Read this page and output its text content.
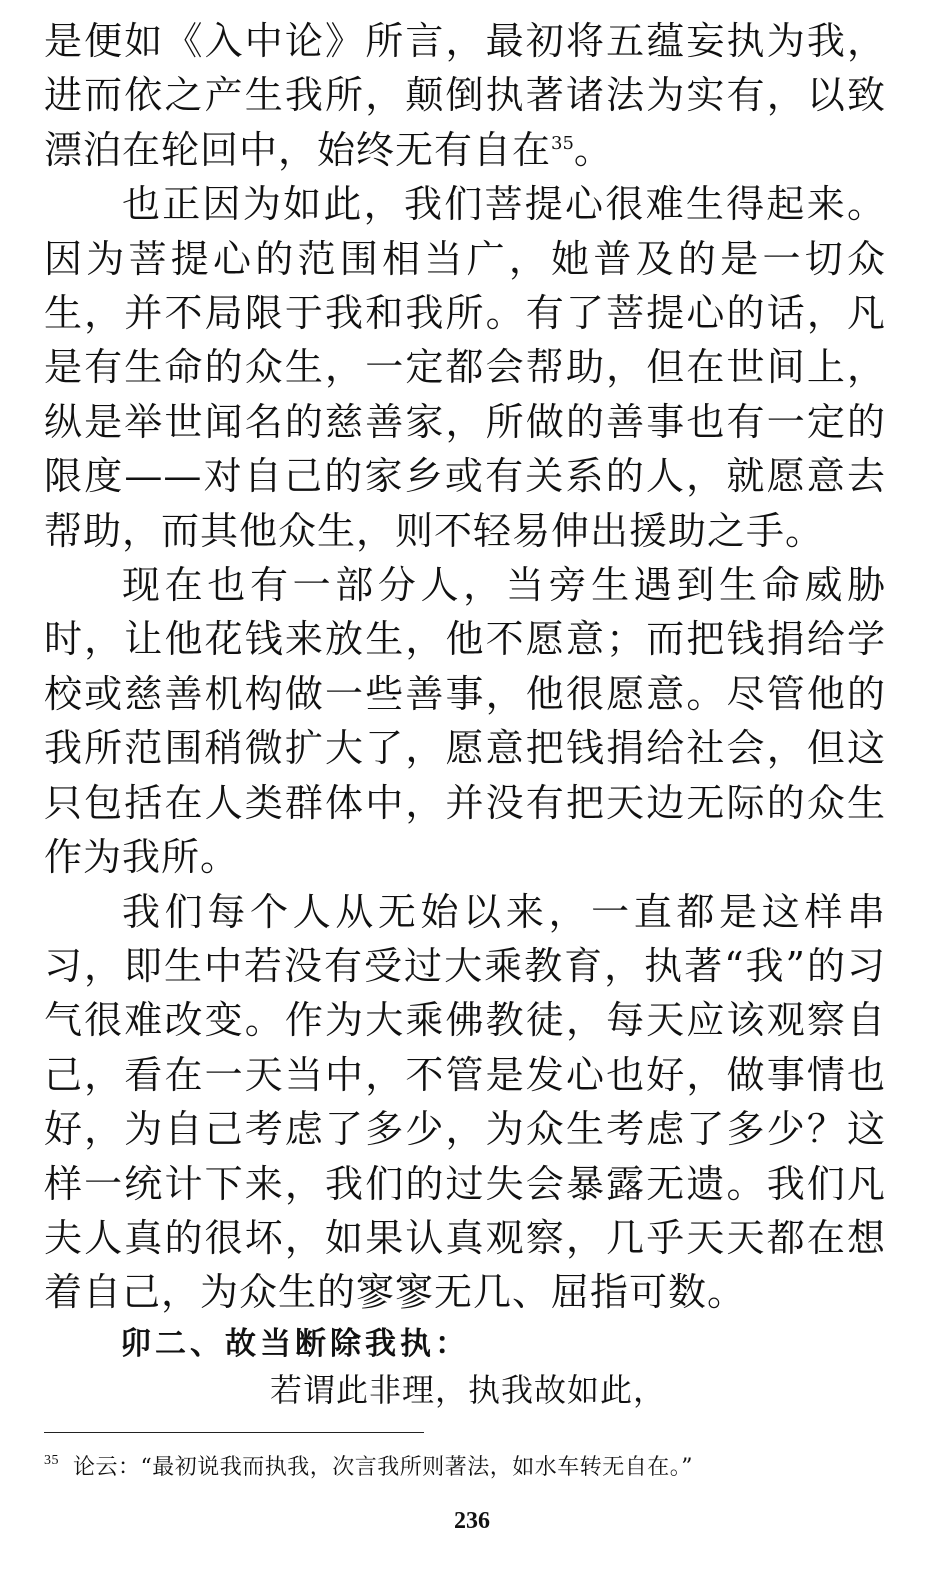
是便如《入中论》所言，最初将五蕴妄执为我，进而依之产生我所，颠倒执著诸法为实有，以致漂泊在轮回中，始终无有自在$^{35}$。

也正因为如此，我们菩提心很难生得起来。因为菩提心的范围相当广，她普及的是一切众生，并不局限于我和我所。有了菩提心的话，凡是有生命的众生，一定都会帮助，但在世间上，纵是举世闻名的慈善家，所做的善事也有一定的限度——对自己的家乡或有关系的人，就愿意去帮助，而其他众生，则不轻易伸出援助之手。

现在也有一部分人，当旁生遇到生命威胁时，让他花钱来放生，他不愿意；而把钱捐给学校或慈善机构做一些善事，他很愿意。尽管他的我所范围稍微扩大了，愿意把钱捐给社会，但这只包括在人类群体中，并没有把天边无际的众生作为我所。

我们每个人从无始以来，一直都是这样串习，即生中若没有受过大乘教育，执著“我”的习气很难改变。作为大乘佛教徒，每天应该观察自己，看在一天当中，不管是发心也好，做事情也好，为自己考虑了多少，为众生考虑了多少？这样一统计下来，我们的过失会暴露无遗。我们凡夫人真的很坏，如果认真观察，几乎天天都在想着自己，为众生的寥寥无几、屈指可数。

卯二、故当断除我执：
若谓此非理，执我故如此，
$^{35}$ 论云：“最初说我而执我，次言我所则著法，如水车转无自在。”
236
